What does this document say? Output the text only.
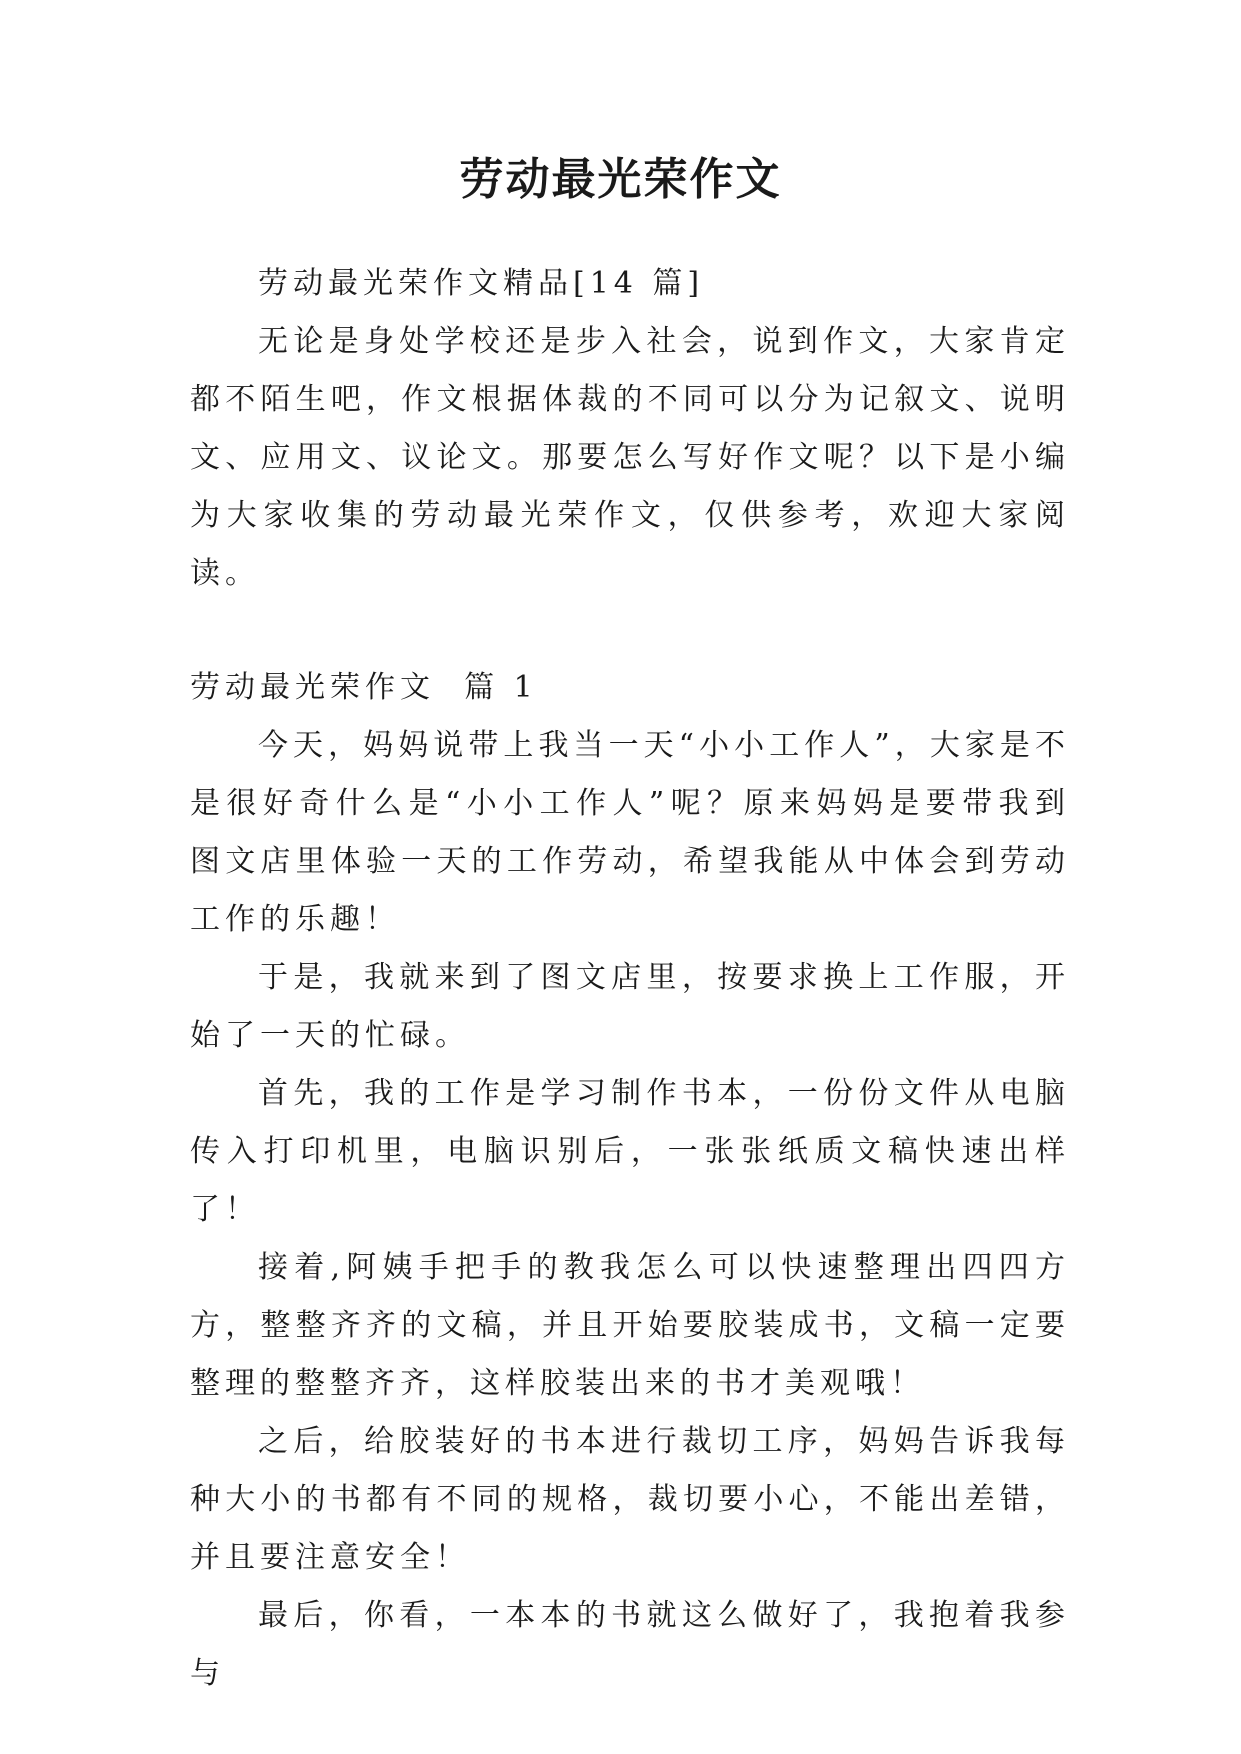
劳动最光荣作文

劳动最光荣作文精品[14 篇]

无论是身处学校还是步入社会，说到作文，大家肯定都不陌生吧，作文根据体裁的不同可以分为记叙文、说明文、应用文、议论文。那要怎么写好作文呢？以下是小编为大家收集的劳动最光荣作文，仅供参考，欢迎大家阅读。

劳动最光荣作文  篇 1

今天，妈妈说带上我当一天“小小工作人”，大家是不是很好奇什么是“小小工作人”呢？原来妈妈是要带我到图文店里体验一天的工作劳动，希望我能从中体会到劳动工作的乐趣！

于是，我就来到了图文店里，按要求换上工作服，开始了一天的忙碌。

首先，我的工作是学习制作书本，一份份文件从电脑传入打印机里，电脑识别后，一张张纸质文稿快速出样了！

接着,阿姨手把手的教我怎么可以快速整理出四四方方，整整齐齐的文稿，并且开始要胶装成书，文稿一定要整理的整整齐齐，这样胶装出来的书才美观哦！

之后，给胶装好的书本进行裁切工序，妈妈告诉我每种大小的书都有不同的规格，裁切要小心，不能出差错，并且要注意安全！

最后，你看，一本本的书就这么做好了，我抱着我参与
